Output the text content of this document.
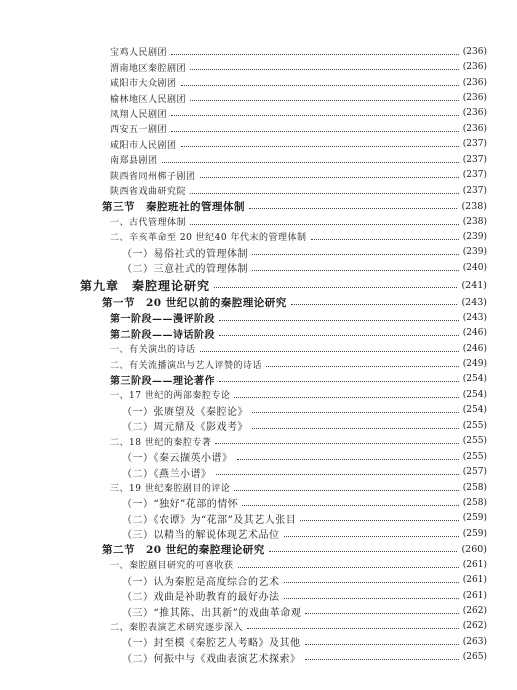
宝鸡人民剧团	(236)
渭南地区秦腔剧团	(236)
咸阳市大众剧团	(236)
榆林地区人民剧团	(236)
凤翔人民剧团	(236)
西安五一剧团	(236)
咸阳市人民剧团	(237)
南郑县剧团	(237)
陕西省同州梆子剧团	(237)
陕西省戏曲研究院	(237)
第三节　秦腔班社的管理体制	(238)
一、古代管理体制	(238)
二、辛亥革命至 20 世纪40 年代末的管理体制	(239)
（一）易俗社式的管理体制	(239)
（二）三意社式的管理体制	(240)
第九章　秦腔理论研究	(241)
第一节　20 世纪以前的秦腔理论研究	(243)
第一阶段——漫评阶段	(243)
第二阶段——诗话阶段	(246)
一、有关演出的诗话	(246)
二、有关流播演出与艺人评赞的诗话	(249)
第三阶段——理论著作	(254)
一、17 世纪的两部秦腔专论	(254)
（一）张赓望及《秦腔论》	(254)
（二）周元鼎及《影戏考》	(255)
二、18 世纪的秦腔专著	(255)
（一）《秦云撷英小谱》	(255)
（二）《燕兰小谱》	(257)
三、19 世纪秦腔剧目的评论	(258)
（一）“独好”花部的情怀	(258)
（二）《农谭》为“花部”及其艺人张目	(259)
（三）以精当的解说体现艺术品位	(259)
第二节　20 世纪的秦腔理论研究	(260)
一、秦腔剧目研究的可喜收获	(261)
（一）认为秦腔是高度综合的艺术	(261)
（二）戏曲是补助教育的最好办法	(261)
（三）“推其陈、出其新”的戏曲革命观	(262)
二、秦腔表演艺术研究逐步深入	(262)
（一）封至模《秦腔艺人考略》及其他	(263)
（二）何振中与《戏曲表演艺术探索》	(265)
